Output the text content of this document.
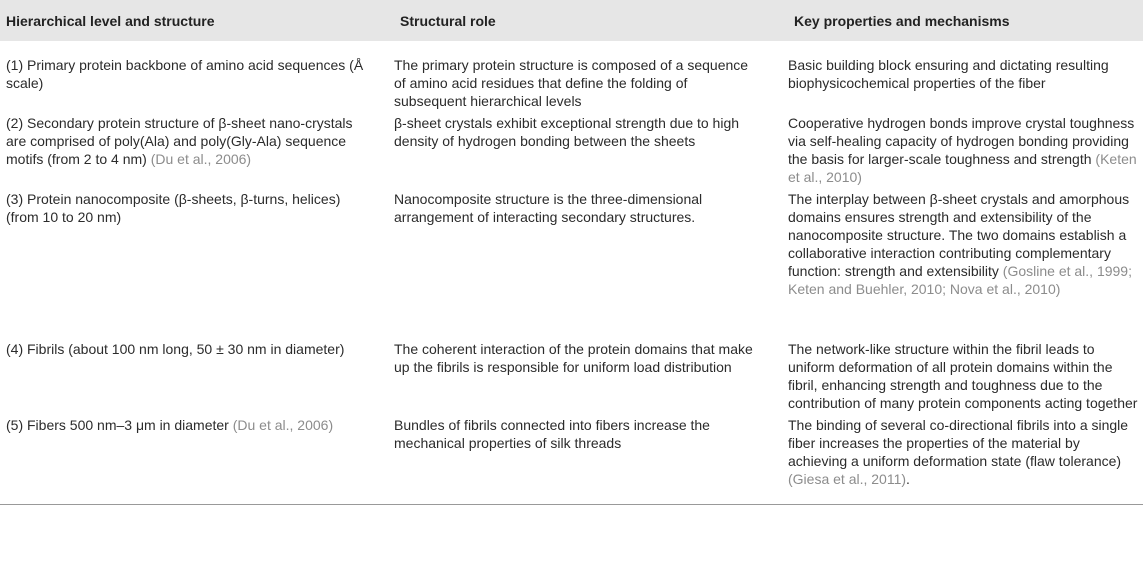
Hierarchical level and structure	Structural role	Key properties and mechanisms
(1) Primary protein backbone of amino acid sequences (Å scale)	The primary protein structure is composed of a sequence of amino acid residues that define the folding of subsequent hierarchical levels	Basic building block ensuring and dictating resulting biophysicochemical properties of the fiber
(2) Secondary protein structure of β-sheet nano-crystals are comprised of poly(Ala) and poly(Gly-Ala) sequence motifs (from 2 to 4 nm) (Du et al., 2006)	β-sheet crystals exhibit exceptional strength due to high density of hydrogen bonding between the sheets	Cooperative hydrogen bonds improve crystal toughness via self-healing capacity of hydrogen bonding providing the basis for larger-scale toughness and strength (Keten et al., 2010)
(3) Protein nanocomposite (β-sheets, β-turns, helices) (from 10 to 20 nm)	Nanocomposite structure is the three-dimensional arrangement of interacting secondary structures.	The interplay between β-sheet crystals and amorphous domains ensures strength and extensibility of the nanocomposite structure. The two domains establish a collaborative interaction contributing complementary function: strength and extensibility (Gosline et al., 1999; Keten and Buehler, 2010; Nova et al., 2010)
(4) Fibrils (about 100 nm long, 50 ± 30 nm in diameter)	The coherent interaction of the protein domains that make up the fibrils is responsible for uniform load distribution	The network-like structure within the fibril leads to uniform deformation of all protein domains within the fibril, enhancing strength and toughness due to the contribution of many protein components acting together
(5) Fibers 500 nm–3 μm in diameter (Du et al., 2006)	Bundles of fibrils connected into fibers increase the mechanical properties of silk threads	The binding of several co-directional fibrils into a single fiber increases the properties of the material by achieving a uniform deformation state (flaw tolerance) (Giesa et al., 2011).
